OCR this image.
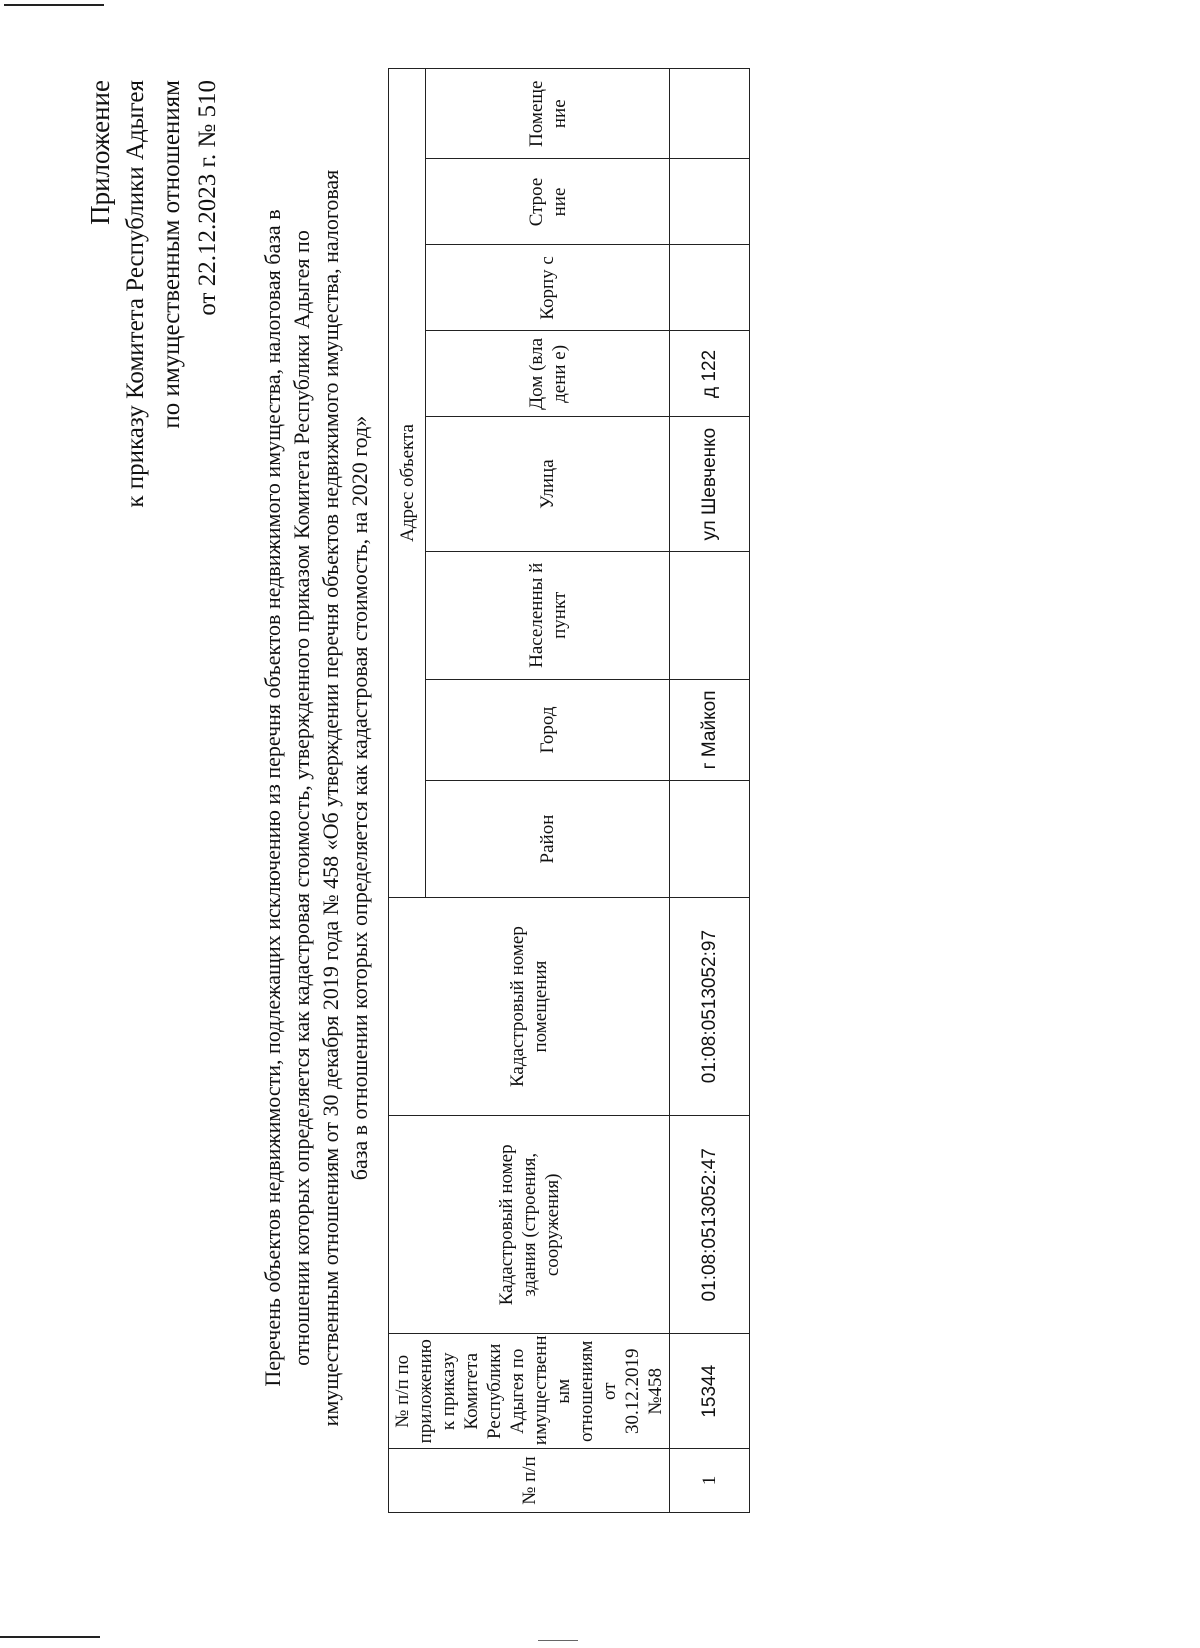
Приложение к приказу Комитета Республики Адыгея по имущественным отношениям от 22.12.2023 г. № 510
Перечень объектов недвижимости, подлежащих исключению из перечня объектов недвижимого имущества, налоговая база в отношении которых определяется как кадастровая стоимость, утвержденного приказом Комитета Республики Адыгея по имущественным отношениям от 30 декабря 2019 года № 458 «Об утверждении перечня объектов недвижимого имущества, налоговая база в отношении которых определяется как кадастровая стоимость, на 2020 год»
№ п/п	№ п/п по приложению к приказу Комитета Республики Адыгея по имущественн ым отношениям от 30.12.2019 №458	Кадастровый номер здания (строения, сооружения)	Кадастровый номер помещения	Адрес объекта							
				Район	Город	Населенны й пункт	Улица	Дом (вла дени е)	Корпу с	Строе ние	Помеще ние
1	15344	01:08:0513052:47	01:08:0513052:97		г Майкоп		ул Шевченко	д 122			
